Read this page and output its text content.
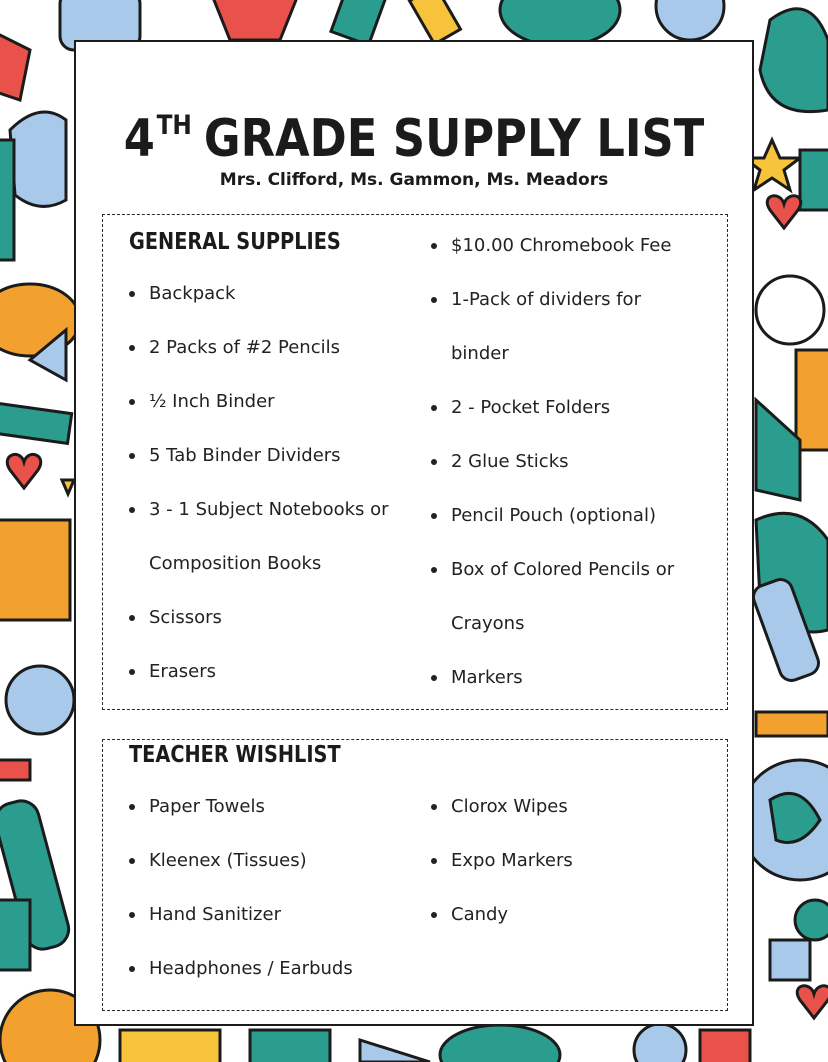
4TH GRADE SUPPLY LIST
Mrs. Clifford, Ms. Gammon, Ms. Meadors
GENERAL SUPPLIES
Backpack
2 Packs of #2 Pencils
½ Inch Binder
5 Tab Binder Dividers
3 - 1 Subject Notebooks or Composition Books
Scissors
Erasers
$10.00 Chromebook Fee
1-Pack of dividers for binder
2 - Pocket Folders
2 Glue Sticks
Pencil Pouch (optional)
Box of Colored Pencils or Crayons
Markers
TEACHER WISHLIST
Paper Towels
Kleenex (Tissues)
Hand Sanitizer
Headphones / Earbuds
Clorox Wipes
Expo Markers
Candy
